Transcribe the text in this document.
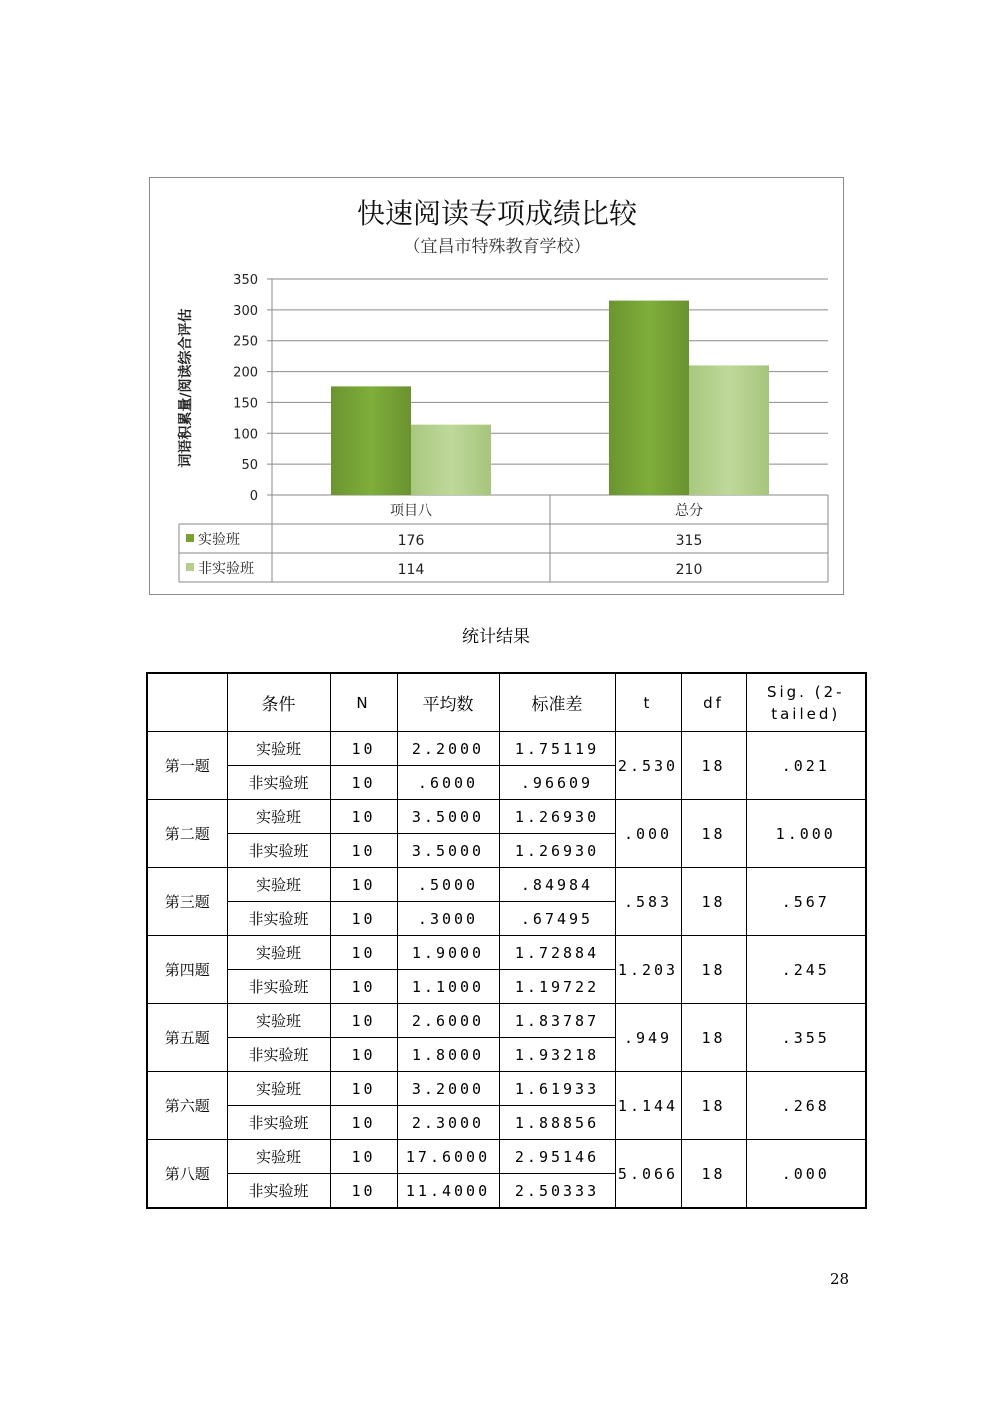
快速阅读专项成绩比较
（宜昌市特殊教育学校）
350
300
250
200
150
100
50
0
词语积累量/阅读综合评估
项目八	总分
实验班	176	315
非实验班	114	210
统计结果
	条件	N	平均数	标准差	t	df	Sig. (2-tailed)
第一题	实验班	10	2.2000	1.75119	2.530	18	.021
	非实验班	10	.6000	.96609			
第二题	实验班	10	3.5000	1.26930	.000	18	1.000
	非实验班	10	3.5000	1.26930			
第三题	实验班	10	.5000	.84984	.583	18	.567
	非实验班	10	.3000	.67495			
第四题	实验班	10	1.9000	1.72884	1.203	18	.245
	非实验班	10	1.1000	1.19722			
第五题	实验班	10	2.6000	1.83787	.949	18	.355
	非实验班	10	1.8000	1.93218			
第六题	实验班	10	3.2000	1.61933	1.144	18	.268
	非实验班	10	2.3000	1.88856			
第八题	实验班	10	17.6000	2.95146	5.066	18	.000
	非实验班	10	11.4000	2.50333			
28
